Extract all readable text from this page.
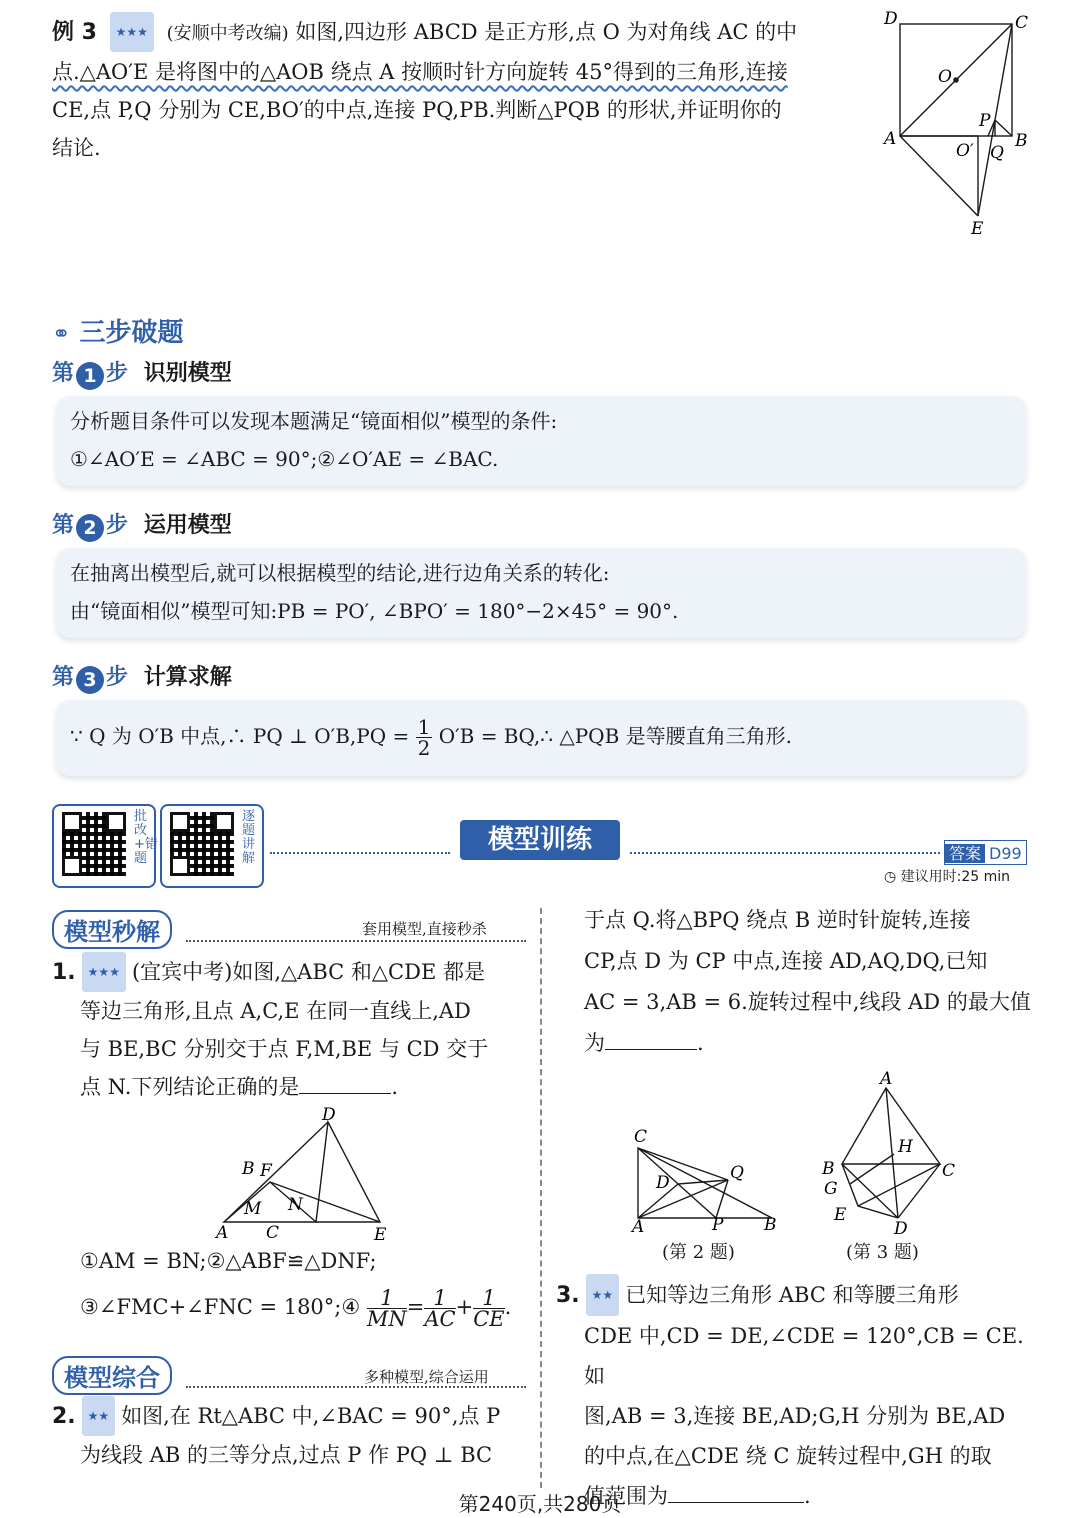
例 3 ★★★ (安顺中考改编) 如图,四边形 ABCD 是正方形,点 O 为对角线 AC 的中
点.△AO′E 是将图中的△AOB 绕点 A 按顺时针方向旋转 45°得到的三角形,连接
CE,点 P,Q 分别为 CE,BO′的中点,连接 PQ,PB.判断△PQB 的形状,并证明你的
结论.
D	C
O
A
P
B
O′ Q
E
⚭ 三步破题
第 1 步 识别模型
分析题目条件可以发现本题满足“镜面相似”模型的条件:
①∠AO′E = ∠ABC = 90°;②∠O′AE = ∠BAC.
第 2 步 运用模型
在抽离出模型后,就可以根据模型的结论,进行边角关系的转化:
由“镜面相似”模型可知:PB = PO′, ∠BPO′ = 180°−2×45° = 90°.
第 3 步 计算求解
∵ Q 为 O′B 中点,∴ PQ ⊥ $O'B,PQ = \frac{1}{2} O'B$ = BQ,∴ △PQB 是等腰直角三角形.
批改+错题
逐题讲解
模型训练	答案 D99
◷ 建议用时:25 min
模型秒解	套用模型,直接秒杀
1. ★★★ (宜宾中考)如图,△ABC 和△CDE 都是
等边三角形,且点 A,C,E 在同一直线上,AD
与 BE,BC 分别交于点 F,M,BE 与 CD 交于
点 N.下列结论正确的是	.
D
B F
M N
A C	E
①AM = BN;②△ABF≌△DNF;
③∠FMC+∠FNC = 180°;④ $\frac{1}{MN} = \frac{1}{AC} + \frac{1}{CE}$ .
模型综合	多种模型,综合运用
2. ★★ 如图,在 Rt△ABC 中,∠BAC = 90°,点 P
为线段 AB 的三等分点,过点 P 作 PQ ⊥ BC
于点 Q.将△BPQ 绕点 B 逆时针旋转,连接
CP,点 D 为 CP 中点,连接 AD,AQ,DQ,已知
AC = 3,AB = 6.旋转过程中,线段 AD 的最大值
为	.
C
D	Q
A	P B
(第 2 题)
A
H
B
G
C
E
D
(第 3 题)
3. ★★ 已知等边三角形 ABC 和等腰三角形
CDE 中,CD = DE,∠CDE = 120°,CB = CE.如
图,AB = 3,连接 BE,AD;G,H 分别为 BE,AD
的中点,在△CDE 绕 C 旋转过程中,GH 的取
值范围为	.
第240页,共280页
